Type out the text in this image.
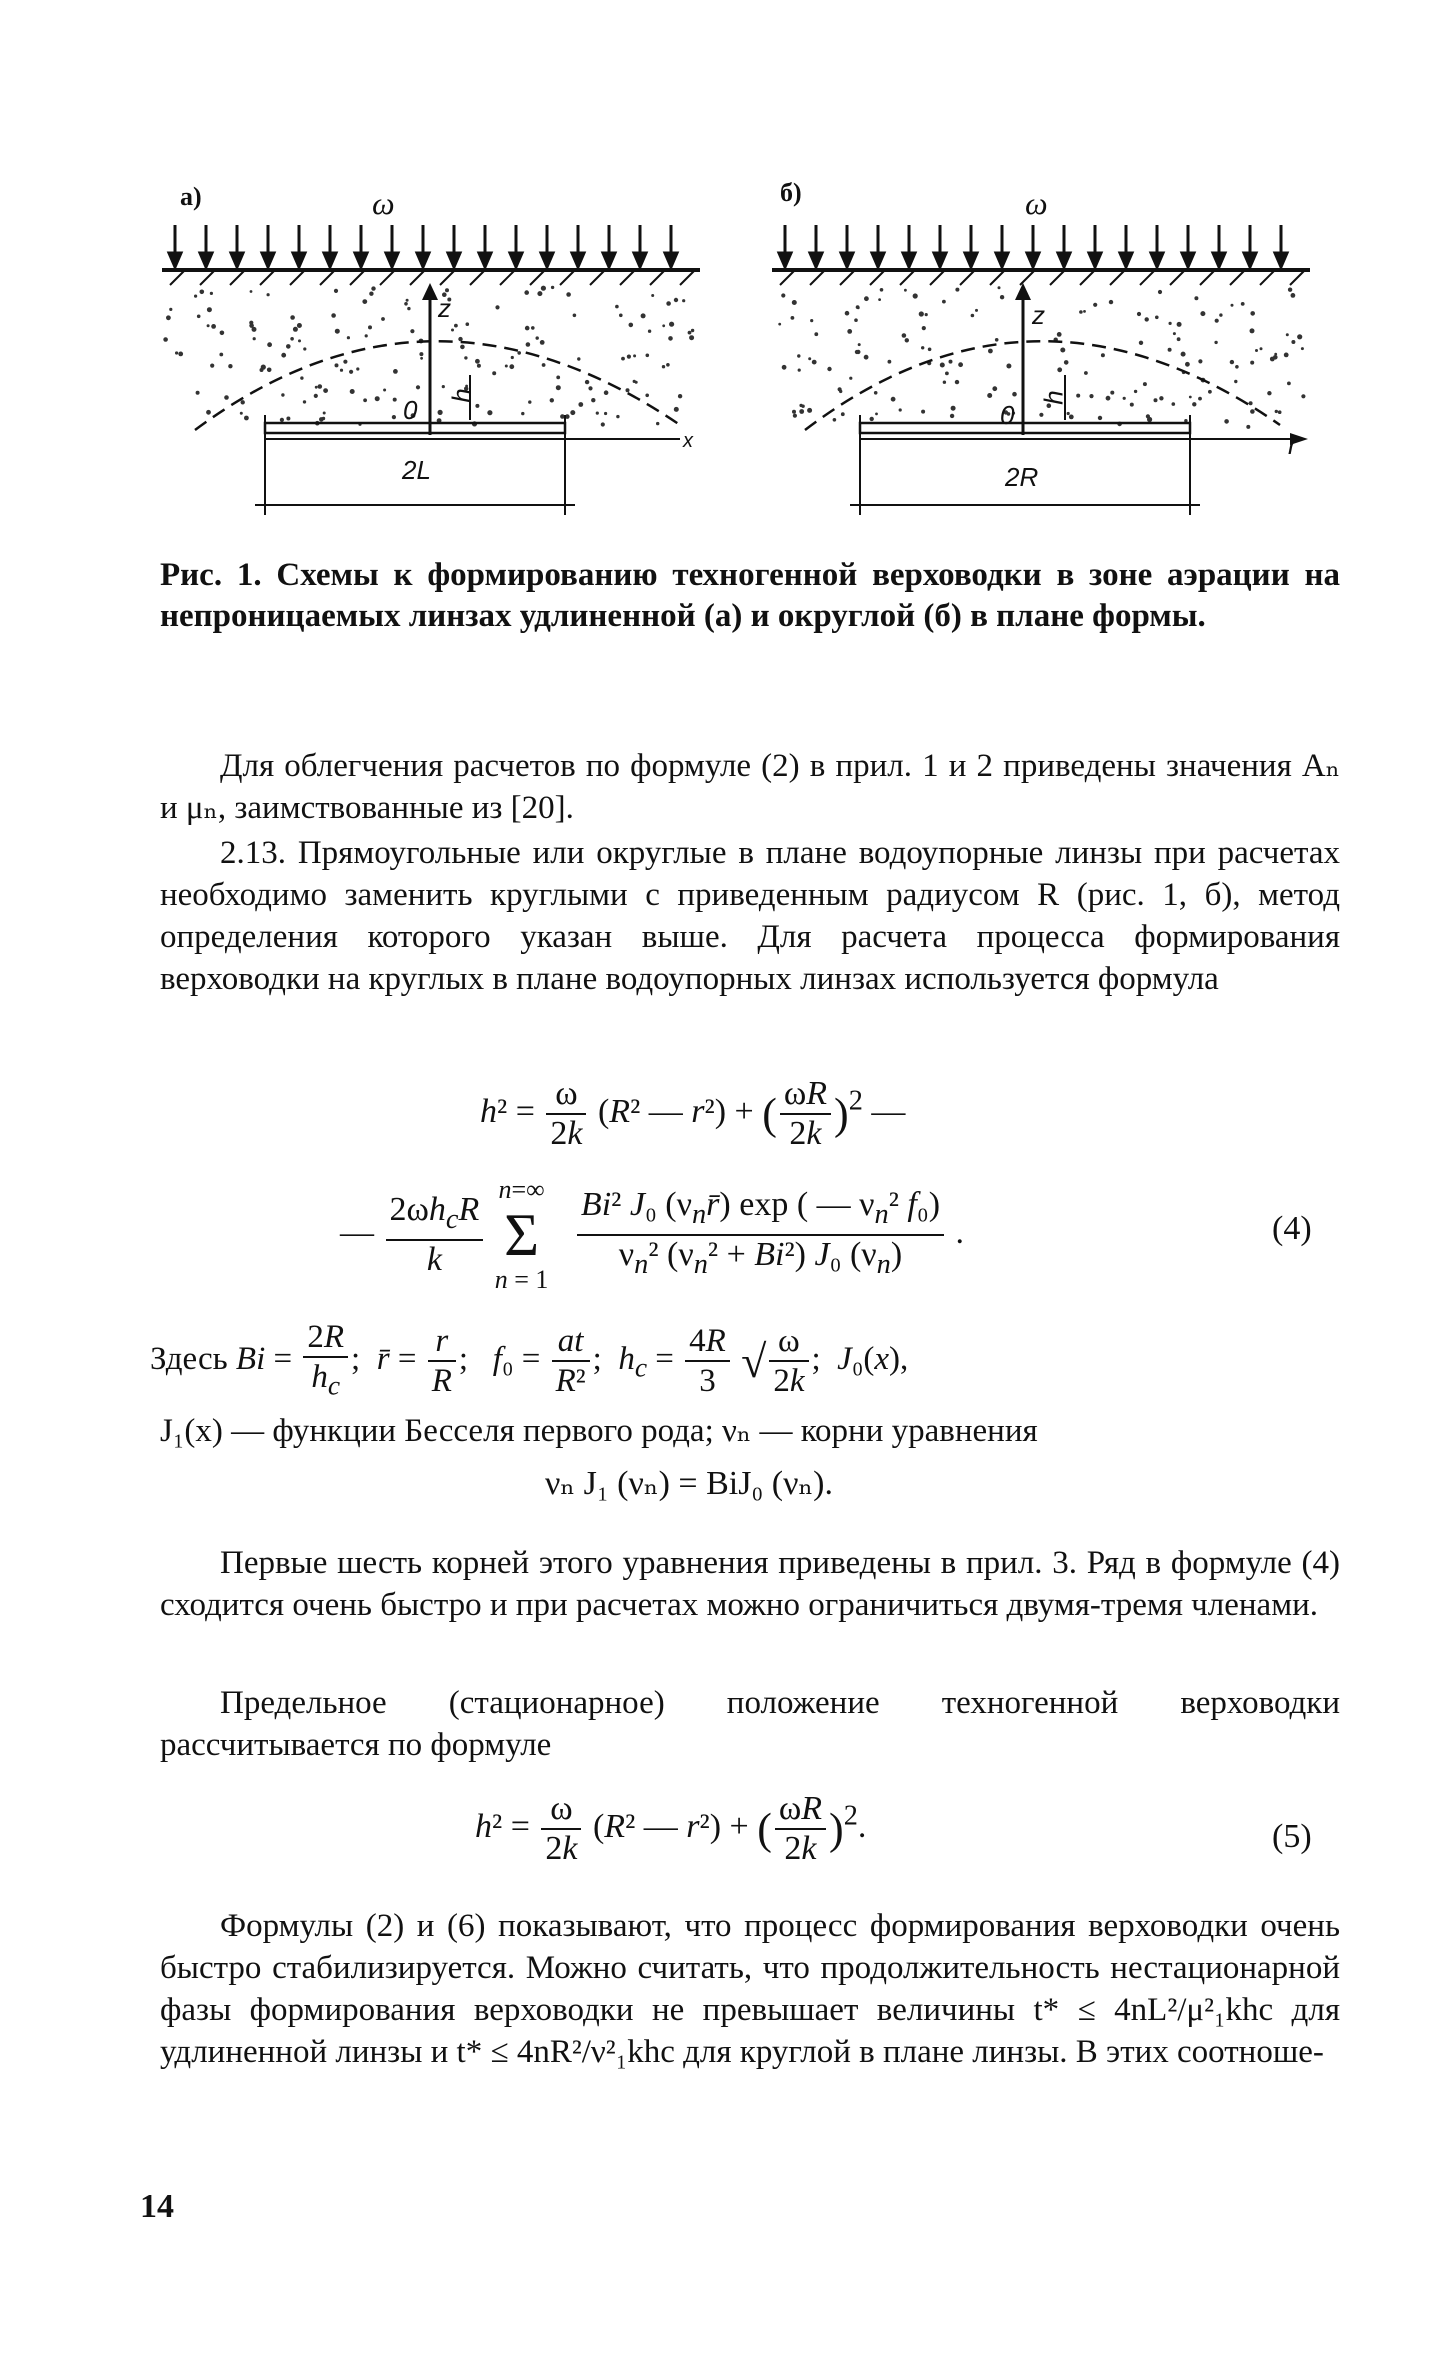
а)	ω	б)	ω
z
h
0
x
2L
z
h
0
r
2R
Рис. 1. Схемы к формированию техногенной верховодки в зоне аэрации на непроницаемых линзах удлиненной (а) и округлой (б) в плане формы.
Для облегчения расчетов по формуле (2) в прил. 1 и 2 приведены значения Aₙ и μₙ, заимствованные из [20].
2.13. Прямоугольные или округлые в плане водоупорные линзы при расчетах необходимо заменить круглыми с приведенным радиусом R (рис. 1, б), метод определения которого указан выше. Для расчета процесса формирования верховодки на круглых в плане водоупорных линзах используется формула
$h^2 = \frac{\omega}{2k} (R^2$ — r²) + ( $\frac{\omega R}{2k} )^2$ —
— $\frac{2\omega h_cR}{k}$
n=∞
Σ
$n = 1 \frac{Bi^2 J_0 (\nu_nr̄) \exp ( — \nu_n^2 f_0)}{\nu_n^2 (\nu_n^2 + Bi^2) J_0 (\nu_n)}$ .	(4)
Здесь $Bi = \frac{2R}{h_c}$ ;  r̄ = $\frac{r}{R}$ ;   $f_0 = \frac{at}{\text{R²}}$ ;  $h_c = \frac{4R}{3}$ √ $\frac{\omega}{2k}$ ;  J₀(x),
J₁(x) — функции Бесселя первого рода; νₙ — корни уравнения
νₙ J₁ (νₙ) = BiJ₀ (νₙ).
Первые шесть корней этого уравнения приведены в прил. 3. Ряд в формуле (4) сходится очень быстро и при расчетах можно ограничиться двумя-тремя членами.
Предельное (стационарное) положение техногенной верховодки рассчитывается по формуле
$h^2 = \frac{\omega}{2k} (R^2$ — r²) + ( $\frac{\omega R}{2k} )^2$.	(5)
Формулы (2) и (6) показывают, что процесс формирования верховодки очень быстро стабилизируется. Можно считать, что продолжительность нестационарной фазы формирования верховодки не превышает величины t* ≤ 4nL²/μ²₁khc для удлиненной линзы и t* ≤ 4nR²/ν²₁khc для круглой в плане линзы. В этих соотноше-
14
